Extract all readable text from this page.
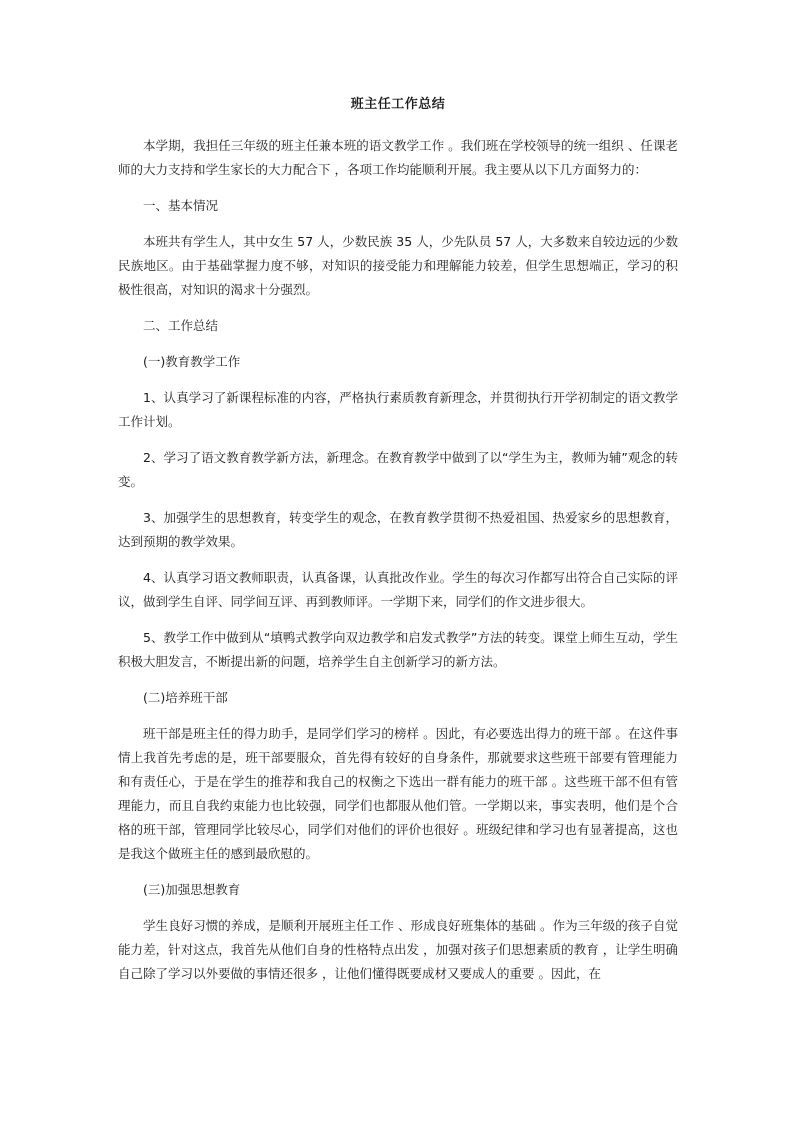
班主任工作总结

本学期，我担任三年级的班主任兼本班的语文教学工作 。我们班在学校领导的统一组织 、任课老师的大力支持和学生家长的大力配合下 ，各项工作均能顺利开展。我主要从以下几方面努力的：

一、基本情况

本班共有学生人，其中女生 57 人，少数民族 35 人，少先队员 57 人，大多数来自较边远的少数民族地区。由于基础掌握力度不够，对知识的接受能力和理解能力较差，但学生思想端正，学习的积极性很高，对知识的渴求十分强烈。

二、工作总结

(一)教育教学工作

1、认真学习了新课程标准的内容，严格执行素质教育新理念，并贯彻执行开学初制定的语文教学工作计划。

2、学习了语文教育教学新方法，新理念。在教育教学中做到了以“学生为主，教师为辅”观念的转变。

3、加强学生的思想教育，转变学生的观念，在教育教学贯彻不热爱祖国、热爱家乡的思想教育，达到预期的教学效果。

4、认真学习语文教师职责，认真备课，认真批改作业。学生的每次习作都写出符合自己实际的评议，做到学生自评、同学间互评、再到教师评。一学期下来，同学们的作文进步很大。

5、教学工作中做到从“填鸭式教学向双边教学和启发式教学”方法的转变。课堂上师生互动，学生积极大胆发言，不断提出新的问题，培养学生自主创新学习的新方法。

(二)培养班干部

班干部是班主任的得力助手，是同学们学习的榜样 。因此，有必要选出得力的班干部 。在这件事情上我首先考虑的是，班干部要服众，首先得有较好的自身条件，那就要求这些班干部要有管理能力和有责任心，于是在学生的推荐和我自己的权衡之下选出一群有能力的班干部 。这些班干部不但有管理能力，而且自我约束能力也比较强，同学们也都服从他们管。一学期以来，事实表明，他们是个合格的班干部，管理同学比较尽心，同学们对他们的评价也很好 。班级纪律和学习也有显著提高，这也是我这个做班主任的感到最欣慰的。

(三)加强思想教育

学生良好习惯的养成，是顺利开展班主任工作 、形成良好班集体的基础 。作为三年级的孩子自觉能力差，针对这点，我首先从他们自身的性格特点出发 ，加强对孩子们思想素质的教育 ，让学生明确自己除了学习以外要做的事情还很多 ，让他们懂得既要成材又要成人的重要 。因此，在
